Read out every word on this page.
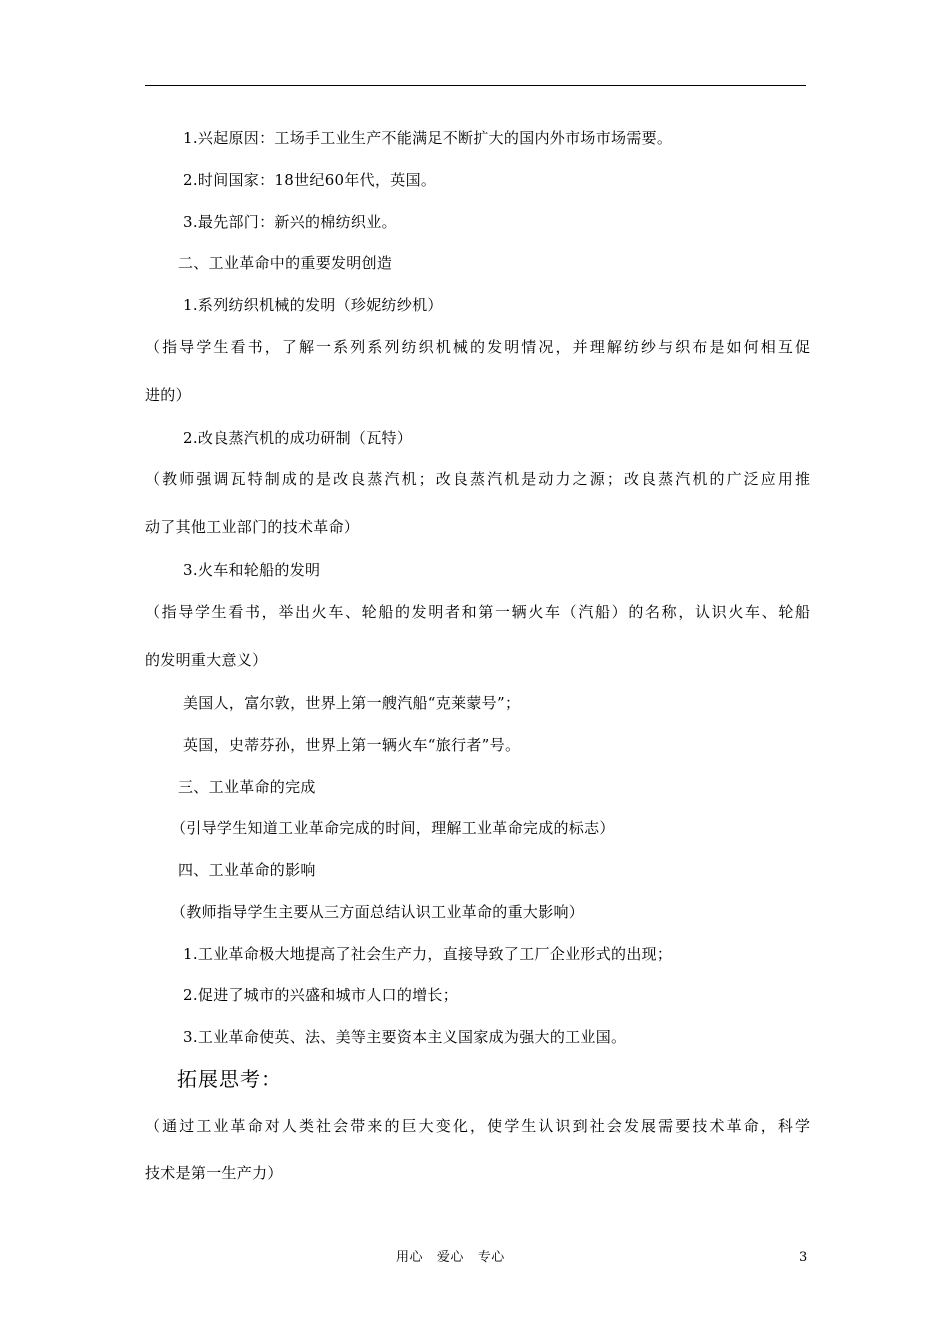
1.兴起原因：工场手工业生产不能满足不断扩大的国内外市场市场需要。
2.时间国家：18世纪60年代，英国。
3.最先部门：新兴的棉纺织业。
二、工业革命中的重要发明创造
1.系列纺织机械的发明（珍妮纺纱机）
（指导学生看书，了解一系列系列纺织机械的发明情况，并理解纺纱与织布是如何相互促
进的）
2.改良蒸汽机的成功研制（瓦特）
（教师强调瓦特制成的是改良蒸汽机；改良蒸汽机是动力之源；改良蒸汽机的广泛应用推
动了其他工业部门的技术革命）
3.火车和轮船的发明
（指导学生看书，举出火车、轮船的发明者和第一辆火车（汽船）的名称，认识火车、轮船
的发明重大意义）
美国人，富尔敦，世界上第一艘汽船“克莱蒙号”；
英国，史蒂芬孙，世界上第一辆火车“旅行者”号。
三、工业革命的完成
（引导学生知道工业革命完成的时间，理解工业革命完成的标志）
四、工业革命的影响
（教师指导学生主要从三方面总结认识工业革命的重大影响）
1.工业革命极大地提高了社会生产力，直接导致了工厂企业形式的出现；
2.促进了城市的兴盛和城市人口的增长；
3.工业革命使英、法、美等主要资本主义国家成为强大的工业国。
拓展思考：
（通过工业革命对人类社会带来的巨大变化，使学生认识到社会发展需要技术革命，科学
技术是第一生产力）
用心   爱心   专心	3
